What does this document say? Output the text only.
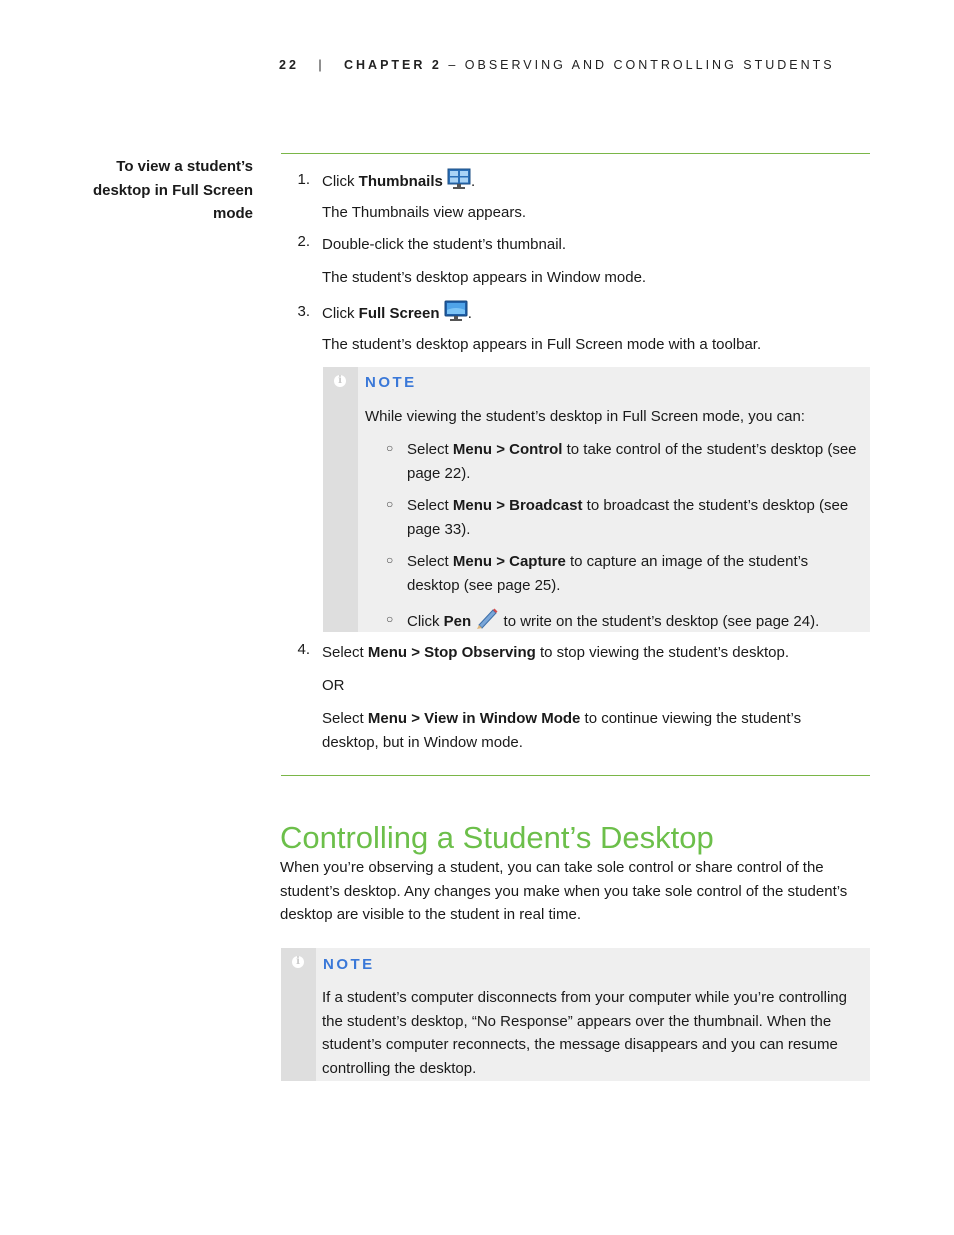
22 | CHAPTER 2 – OBSERVING AND CONTROLLING STUDENTS
To view a student’s
desktop in Full Screen
mode
1. Click Thumbnails .
The Thumbnails view appears.
2. Double-click the student’s thumbnail.
The student’s desktop appears in Window mode.
3. Click Full Screen .
The student’s desktop appears in Full Screen mode with a toolbar.
i NOTE
While viewing the student’s desktop in Full Screen mode, you can:
○ Select Menu > Control to take control of the student’s desktop (see
page 22).
○ Select Menu > Broadcast to broadcast the student’s desktop (see
page 33).
○ Select Menu > Capture to capture an image of the student’s
desktop (see page 25).
○ Click Pen  to write on the student’s desktop (see page 24).
4. Select Menu > Stop Observing to stop viewing the student’s desktop.
OR
Select Menu > View in Window Mode to continue viewing the student’s
desktop, but in Window mode.
Controlling a Student’s Desktop
When you’re observing a student, you can take sole control or share control of the
student’s desktop. Any changes you make when you take sole control of the student’s
desktop are visible to the student in real time.
i NOTE
If a student’s computer disconnects from your computer while you’re controlling
the student’s desktop, “No Response” appears over the thumbnail. When the
student’s computer reconnects, the message disappears and you can resume
controlling the desktop.
